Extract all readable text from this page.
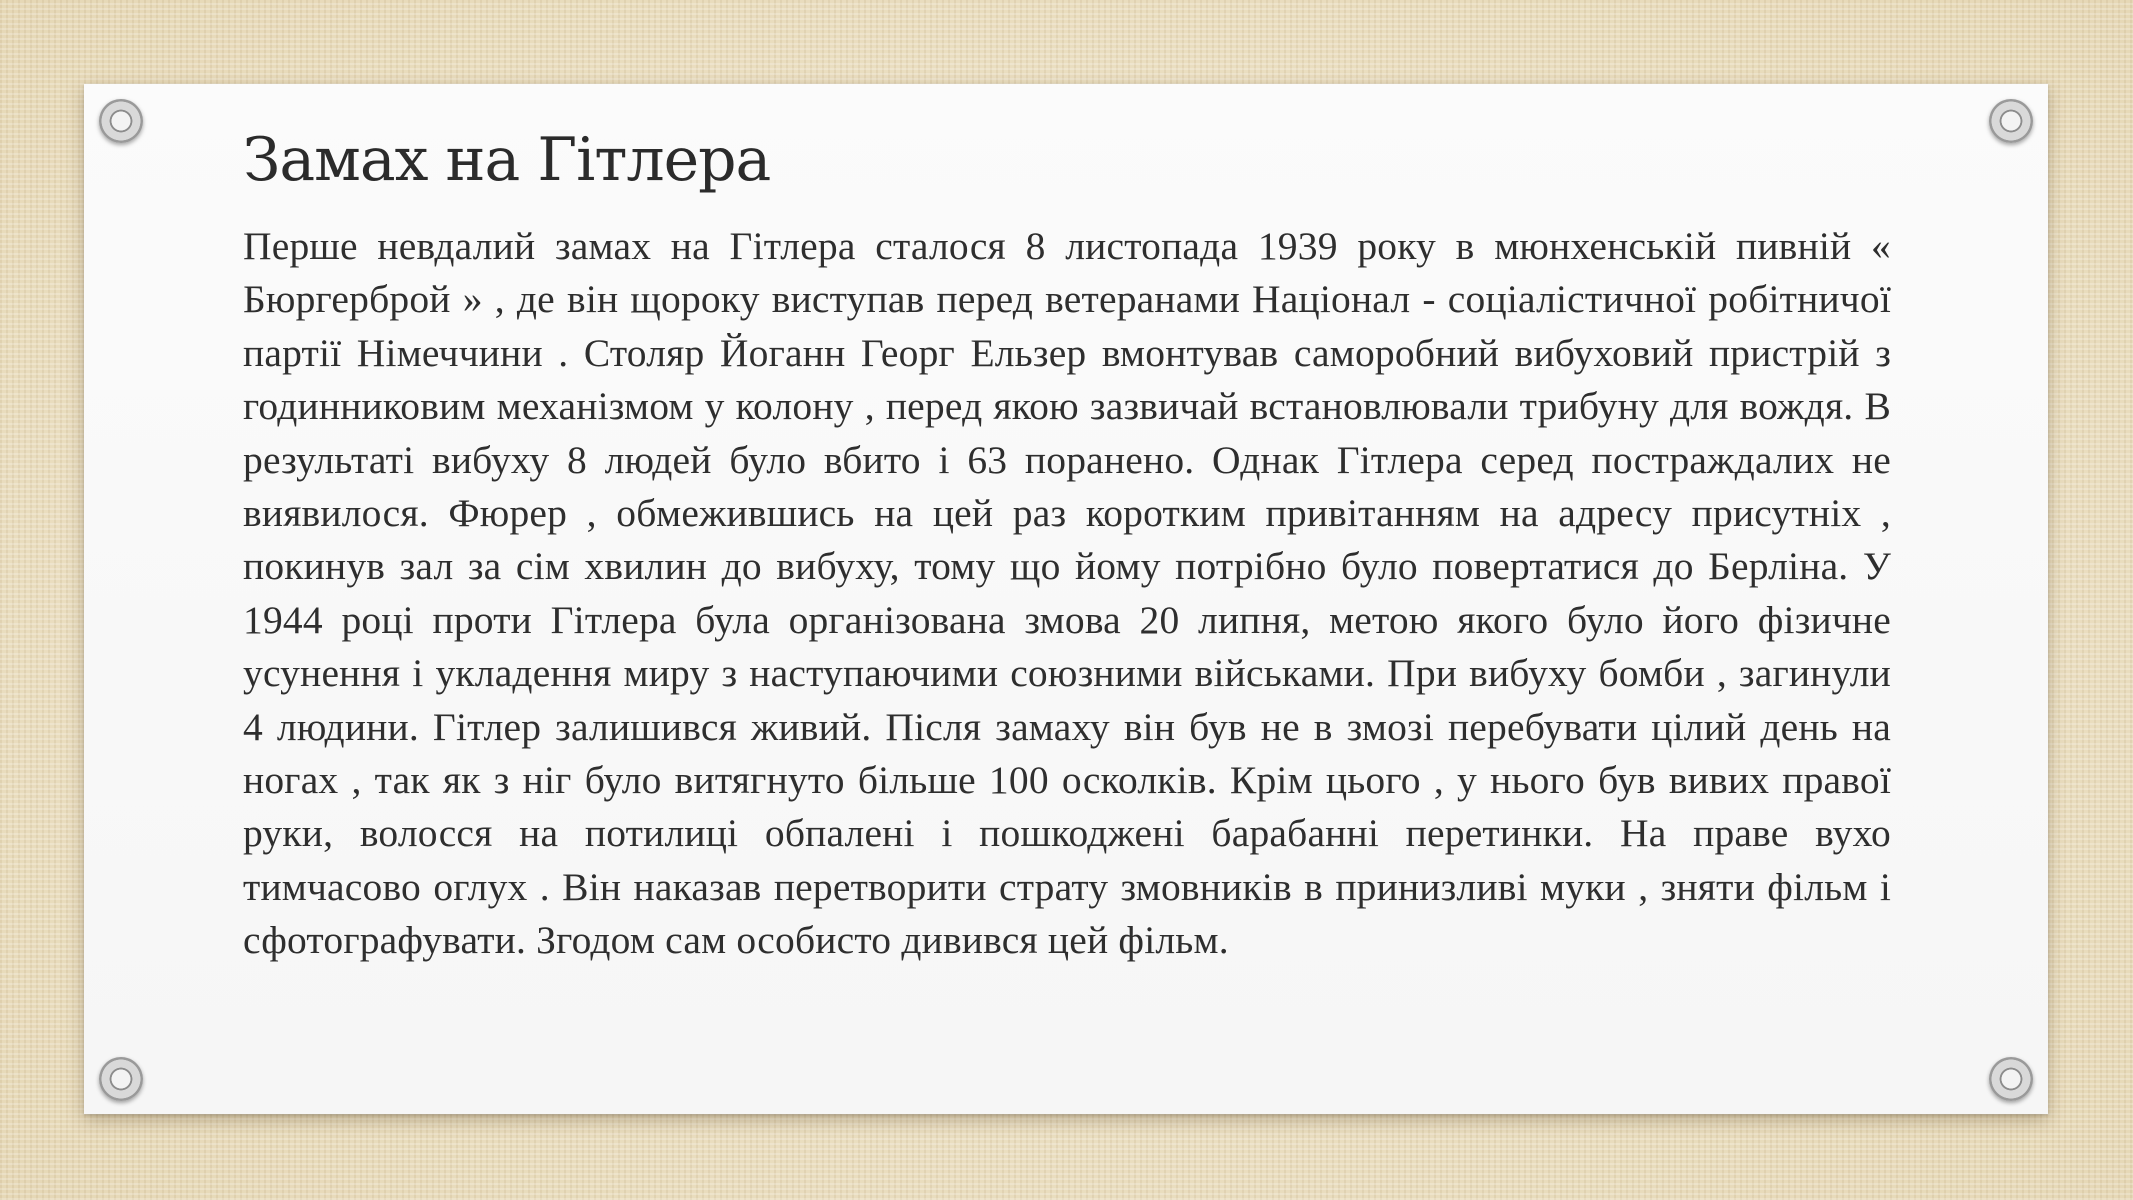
Замах на Гітлера

Перше невдалий замах на Гітлера сталося 8 листопада 1939 року в мюнхенській пивній « Бюргерброй » , де він щороку виступав перед ветеранами Націонал - соціалістичної робітничої партії Німеччини . Столяр Йоганн Георг Ельзер вмонтував саморобний вибуховий пристрій з годинниковим механізмом у колону , перед якою зазвичай встановлювали трибуну для вождя. В результаті вибуху 8 людей було вбито і 63 поранено. Однак Гітлера серед постраждалих не виявилося. Фюрер , обмежившись на цей раз коротким привітанням на адресу присутніх , покинув зал за сім хвилин до вибуху, тому що йому потрібно було повертатися до Берліна. У 1944 році проти Гітлера була організована змова 20 липня, метою якого було його фізичне усунення і укладення миру з наступаючими союзними військами. При вибуху бомби , загинули 4 людини. Гітлер залишився живий. Після замаху він був не в змозі перебувати цілий день на ногах , так як з ніг було витягнуто більше 100 осколків. Крім цього , у нього був вивих правої руки, волосся на потилиці обпалені і пошкоджені барабанні перетинки. На праве вухо тимчасово оглух . Він наказав перетворити страту змовників в принизливі муки , зняти фільм і сфотографувати. Згодом сам особисто дивився цей фільм.
